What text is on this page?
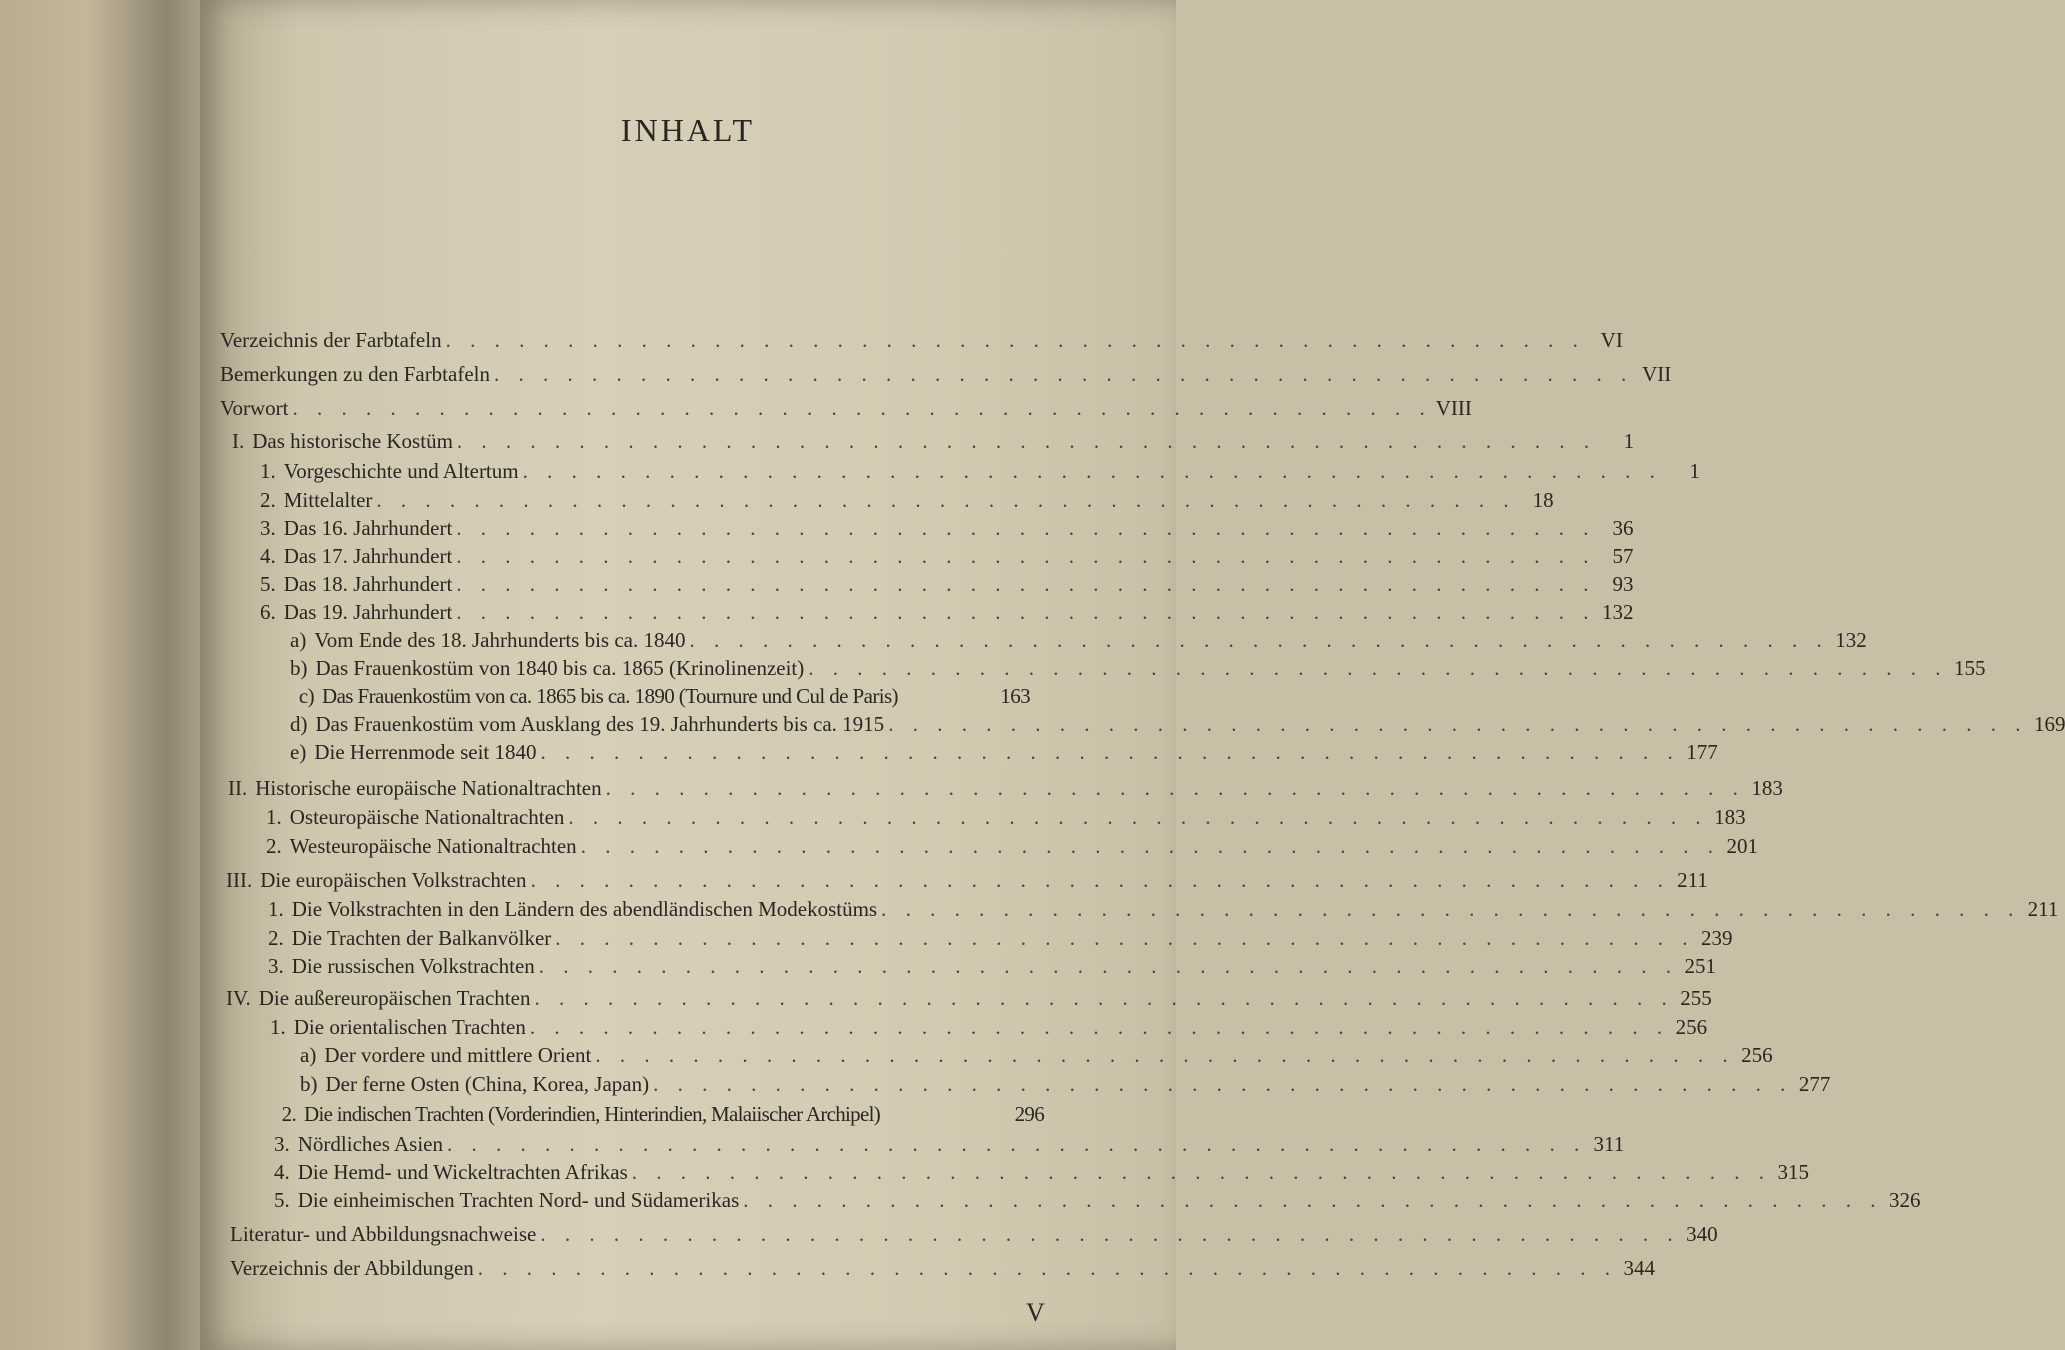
INHALT
Verzeichnis der Farbtafeln . . . . . . . . . . . . . . . . . . . . . . . . . . . . . . . . . . . . . . . . . . . . . . . VI
Bemerkungen zu den Farbtafeln . . . . . . . . . . . . . . . . . . . . . . . . . . . . . . . . . . . . . . . . . . . . . . . VII
Vorwort . . . . . . . . . . . . . . . . . . . . . . . . . . . . . . . . . . . . . . . . . . . . . . . VIII
I. Das historische Kostüm . . . . . . . . . . . . . . . . . . . . . . . . . . . . . . . . . . . . . . . . . . . . . . .	1
1. Vorgeschichte und Altertum . . . . . . . . . . . . . . . . . . . . . . . . . . . . . . . . . . . . . . . . . . . . . . .	1
2. Mittelalter . . . . . . . . . . . . . . . . . . . . . . . . . . . . . . . . . . . . . . . . . . . . . . . 18
3. Das 16. Jahrhundert . . . . . . . . . . . . . . . . . . . . . . . . . . . . . . . . . . . . . . . . . . . . . . . 36
4. Das 17. Jahrhundert . . . . . . . . . . . . . . . . . . . . . . . . . . . . . . . . . . . . . . . . . . . . . . . 57
5. Das 18. Jahrhundert . . . . . . . . . . . . . . . . . . . . . . . . . . . . . . . . . . . . . . . . . . . . . . . 93
6. Das 19. Jahrhundert . . . . . . . . . . . . . . . . . . . . . . . . . . . . . . . . . . . . . . . . . . . . . . . 132
a) Vom Ende des 18. Jahrhunderts bis ca. 1840 . . . . . . . . . . . . . . . . . . . . . . . . . . . . . . . . . . . . . . . . . . . . . . . 132
b) Das Frauenkostüm von 1840 bis ca. 1865 (Krinolinenzeit) . . . . . . . . . . . . . . . . . . . . . . . . . . . . . . . . . . . . . . . . . . . . . . . 155
c) Das Frauenkostüm von ca. 1865 bis ca. 1890 (Tournure und Cul de Paris)	163
d) Das Frauenkostüm vom Ausklang des 19. Jahrhunderts bis ca. 1915 . . . . . . . . . . . . . . . . . . . . . . . . . . . . . . . . . . . . . . . . . . . . . . . 169
e) Die Herrenmode seit 1840 . . . . . . . . . . . . . . . . . . . . . . . . . . . . . . . . . . . . . . . . . . . . . . . 177
II. Historische europäische Nationaltrachten . . . . . . . . . . . . . . . . . . . . . . . . . . . . . . . . . . . . . . . . . . . . . . . 183
1. Osteuropäische Nationaltrachten . . . . . . . . . . . . . . . . . . . . . . . . . . . . . . . . . . . . . . . . . . . . . . . 183
2. Westeuropäische Nationaltrachten . . . . . . . . . . . . . . . . . . . . . . . . . . . . . . . . . . . . . . . . . . . . . . . 201
III. Die europäischen Volkstrachten . . . . . . . . . . . . . . . . . . . . . . . . . . . . . . . . . . . . . . . . . . . . . . . 211
1. Die Volkstrachten in den Ländern des abendländischen Modekostüms . . . . . . . . . . . . . . . . . . . . . . . . . . . . . . . . . . . . . . . . . . . . . . . 211
2. Die Trachten der Balkanvölker . . . . . . . . . . . . . . . . . . . . . . . . . . . . . . . . . . . . . . . . . . . . . . . 239
3. Die russischen Volkstrachten . . . . . . . . . . . . . . . . . . . . . . . . . . . . . . . . . . . . . . . . . . . . . . . 251
IV. Die außereuropäischen Trachten . . . . . . . . . . . . . . . . . . . . . . . . . . . . . . . . . . . . . . . . . . . . . . . 255
1. Die orientalischen Trachten . . . . . . . . . . . . . . . . . . . . . . . . . . . . . . . . . . . . . . . . . . . . . . . 256
a) Der vordere und mittlere Orient . . . . . . . . . . . . . . . . . . . . . . . . . . . . . . . . . . . . . . . . . . . . . . . 256
b) Der ferne Osten (China, Korea, Japan) . . . . . . . . . . . . . . . . . . . . . . . . . . . . . . . . . . . . . . . . . . . . . . . 277
2. Die indischen Trachten (Vorderindien, Hinterindien, Malaiischer Archipel)	296
3. Nördliches Asien . . . . . . . . . . . . . . . . . . . . . . . . . . . . . . . . . . . . . . . . . . . . . . . 311
4. Die Hemd- und Wickeltrachten Afrikas . . . . . . . . . . . . . . . . . . . . . . . . . . . . . . . . . . . . . . . . . . . . . . . 315
5. Die einheimischen Trachten Nord- und Südamerikas . . . . . . . . . . . . . . . . . . . . . . . . . . . . . . . . . . . . . . . . . . . . . . . 326
Literatur- und Abbildungsnachweise . . . . . . . . . . . . . . . . . . . . . . . . . . . . . . . . . . . . . . . . . . . . . . . 340
Verzeichnis der Abbildungen . . . . . . . . . . . . . . . . . . . . . . . . . . . . . . . . . . . . . . . . . . . . . . . 344
V
